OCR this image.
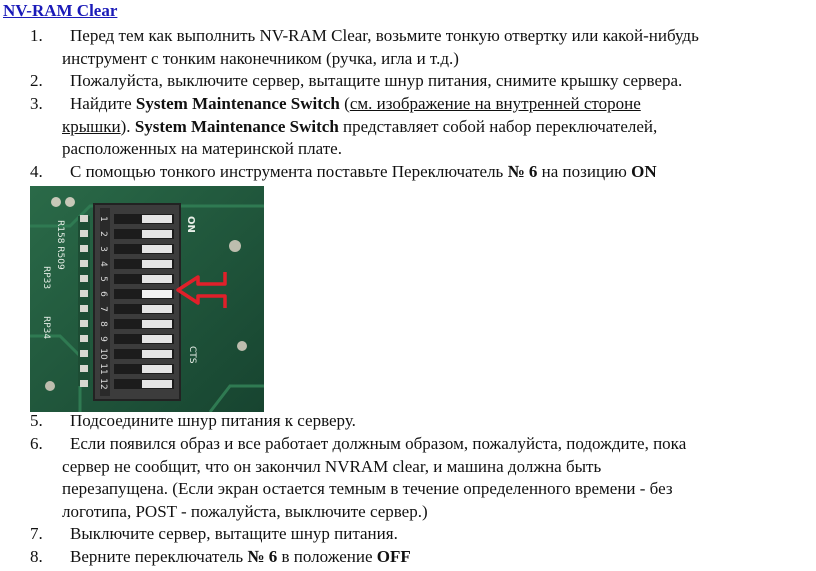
NV-RAM Clear
1.	Перед тем как выполнить NV-RAM Clear, возьмите тонкую отвертку или какой-нибудь
инструмент с тонким наконечником (ручка, игла и т.д.)
2.	Пожалуйста, выключите сервер, вытащите шнур питания, снимите крышку сервера.
3.	Найдите System Maintenance Switch (см. изображение на внутренней стороне
крышки). System Maintenance Switch представляет собой набор переключателей,
расположенных на материнской плате.
4.	С помощью тонкого инструмента поставьте Переключатель № 6 на позицию ON
1
2
3
4
5
6
7
8
9
10
11
12
R158 R509
RP33
RP34
ON
CTS
5.	Подсоедините шнур питания к серверу.
6.	Если появился образ и все работает должным образом, пожалуйста, подождите, пока
сервер не сообщит, что он закончил NVRAM clear, и машина должна быть
перезапущена. (Если экран остается темным в течение определенного времени - без
логотипа, POST - пожалуйста, выключите сервер.)
7.	Выключите сервер, вытащите шнур питания.
8.	Верните переключатель № 6 в положение OFF
